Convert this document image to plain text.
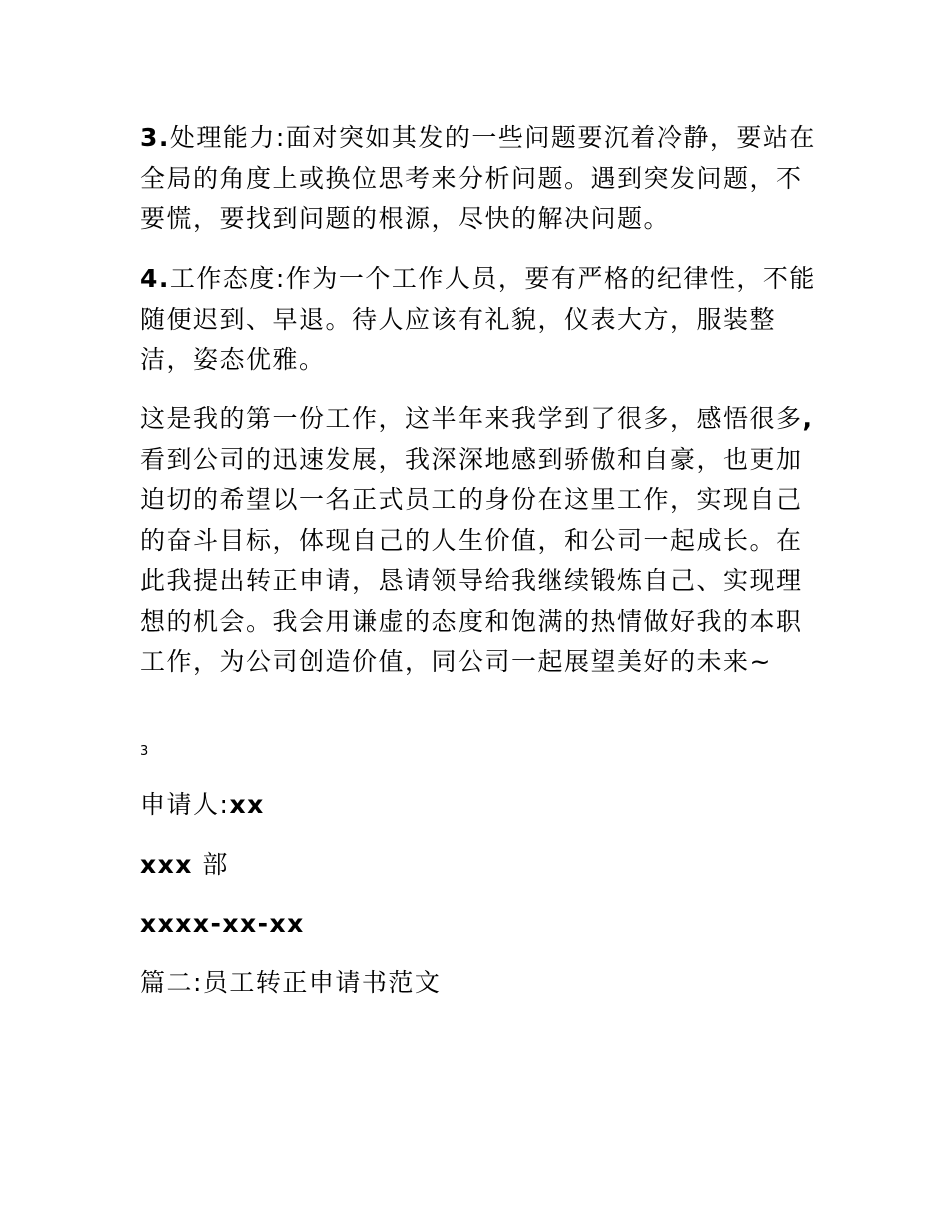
3.处理能力:面对突如其发的一些问题要沉着冷静，要站在全局的角度上或换位思考来分析问题。遇到突发问题，不要慌，要找到问题的根源，尽快的解决问题。

4.工作态度:作为一个工作人员，要有严格的纪律性，不能随便迟到、早退。待人应该有礼貌，仪表大方，服装整洁，姿态优雅。

这是我的第一份工作，这半年来我学到了很多，感悟很多,看到公司的迅速发展，我深深地感到骄傲和自豪，也更加迫切的希望以一名正式员工的身份在这里工作，实现自己的奋斗目标，体现自己的人生价值，和公司一起成长。在此我提出转正申请，恳请领导给我继续锻炼自己、实现理想的机会。我会用谦虚的态度和饱满的热情做好我的本职工作，为公司创造价值，同公司一起展望美好的未来~

3
申请人:xx
xxx 部
xxxx-xx-xx
篇二:员工转正申请书范文
